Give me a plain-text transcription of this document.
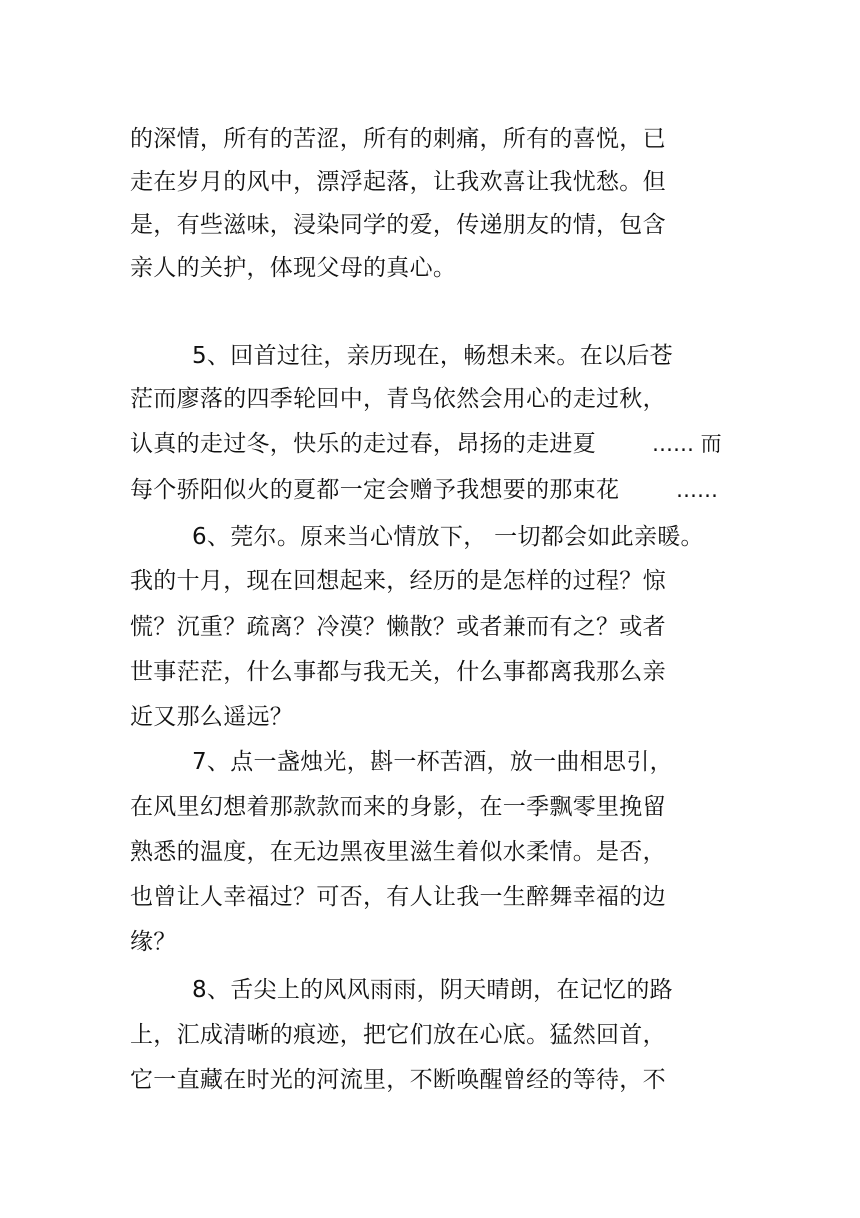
的深情，所有的苦涩，所有的刺痛，所有的喜悦，已
走在岁月的风中，漂浮起落，让我欢喜让我忧愁。但
是，有些滋味，浸染同学的爱，传递朋友的情，包含
亲人的关护，体现父母的真心。
5、回首过往，亲历现在，畅想未来。在以后苍
茫而廖落的四季轮回中，青鸟依然会用心的走过秋，
认真的走过冬，快乐的走过春，昂扬的走进夏	…… 而
每个骄阳似火的夏都一定会赠予我想要的那束花	……
6、莞尔。原来当心情放下， 一切都会如此亲暖。
我的十月，现在回想起来，经历的是怎样的过程？惊
慌？沉重？疏离？冷漠？懒散？或者兼而有之？或者
世事茫茫，什么事都与我无关，什么事都离我那么亲
近又那么遥远？
7、点一盏烛光，斟一杯苦酒，放一曲相思引，
在风里幻想着那款款而来的身影，在一季飘零里挽留
熟悉的温度，在无边黑夜里滋生着似水柔情。是否，
也曾让人幸福过？可否，有人让我一生醉舞幸福的边
缘？
8、舌尖上的风风雨雨，阴天晴朗，在记忆的路
上，汇成清晰的痕迹，把它们放在心底。猛然回首，
它一直藏在时光的河流里，不断唤醒曾经的等待，不
